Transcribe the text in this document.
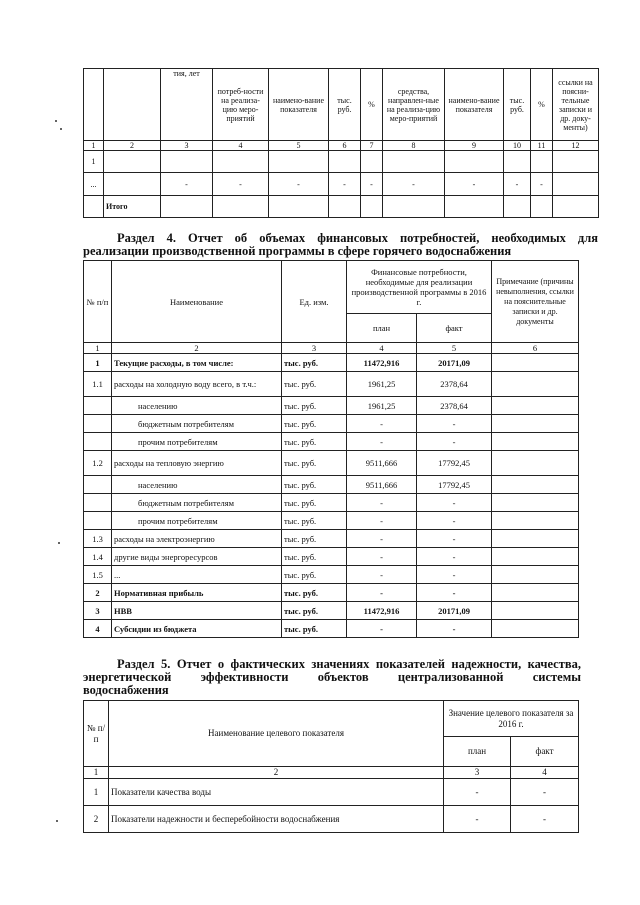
		тия, лет	потреб-ности на реализа-цию меро-приятий	наимено-вание показателя	тыс. руб.	%	средства, направлен-ные на реализа-цию меро-приятий	наимено-вание показателя	тыс. руб.	%	ссылки на поясни-тельные записки и др. доку-менты)
1	2	3	4	5	6	7	8	9	10	11	12
1											
...		-	-	-	-	-	-	-	-	-	
	Итого										
Раздел 4. Отчет об объемах финансовых потребностей, необходимых для
реализации производственной программы в сфере горячего водоснабжения
№ п/п	Наименование	Ед. изм.	Финансовые потребности, необходимые для реализации производственной программы в 2016 г.		Примечание (причины невыполнения, ссылки на пояснительные записки и др. документы
			план	факт	
1	2	3	4	5	6
1	Текущие расходы, в том числе:	тыс. руб.	11472,916	20171,09	
1.1	расходы на холодную воду всего, в т.ч.:	тыс. руб.	1961,25	2378,64	
	населению	тыс. руб.	1961,25	2378,64	
	бюджетным потребителям	тыс. руб.	-	-	
	прочим потребителям	тыс. руб.	-	-	
1.2	расходы на тепловую энергию	тыс. руб.	9511,666	17792,45	
	населению	тыс. руб.	9511,666	17792,45	
	бюджетным потребителям	тыс. руб.	-	-	
	прочим потребителям	тыс. руб.	-	-	
1.3	расходы на электроэнергию	тыс. руб.	-	-	
1.4	другие виды энергоресурсов	тыс. руб.	-	-	
1.5	...	тыс. руб.	-	-	
2	Нормативная прибыль	тыс. руб.	-	-	
3	НВВ	тыс. руб.	11472,916	20171,09	
4	Субсидии из бюджета	тыс. руб.	-	-	
Раздел 5. Отчет о фактических значениях показателей надежности, качества,
энергетической эффективности объектов централизованной системы
водоснабжения
№ п/п	Наименование целевого показателя	Значение целевого показателя за 2016 г.	
		план	факт
1	2	3	4
1	Показатели качества воды	-	-
2	Показатели надежности и бесперебойности водоснабжения	-	-
